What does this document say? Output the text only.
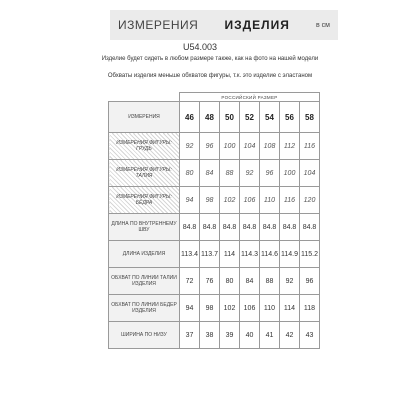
ИЗМЕРЕНИЯ ИЗДЕЛИЯ	в см
U54.003
Изделие будет сидеть в любом размере также, как на фото на нашей модели
Обхваты изделия меньше обхватов фигуры, т.к. это изделие с эластаном
	РОССИЙСКИЙ РАЗМЕР						
ИЗМЕРЕНИЯ	46	48	50	52	54	56	58
ИЗМЕРЕНИЯ ФИГУРЫ: ГРУДЬ	92	96	100	104	108	112	116
ИЗМЕРЕНИЯ ФИГУРЫ: ТАЛИЯ	80	84	88	92	96	100	104
ИЗМЕРЕНИЯ ФИГУРЫ: БЁДРА	94	98	102	106	110	116	120
ДЛИНА ПО ВНУТРЕННЕМУ ШВУ	84.8	84.8	84.8	84.8	84.8	84.8	84.8
ДЛИНА ИЗДЕЛИЯ	113.4	113.7	114	114.3	114.6	114.9	115.2
ОБХВАТ ПО ЛИНИИ ТАЛИИ ИЗДЕЛИЯ	72	76	80	84	88	92	96
ОБХВАТ ПО ЛИНИИ БЕДЕР ИЗДЕЛИЯ	94	98	102	106	110	114	118
ШИРИНА ПО НИЗУ	37	38	39	40	41	42	43
